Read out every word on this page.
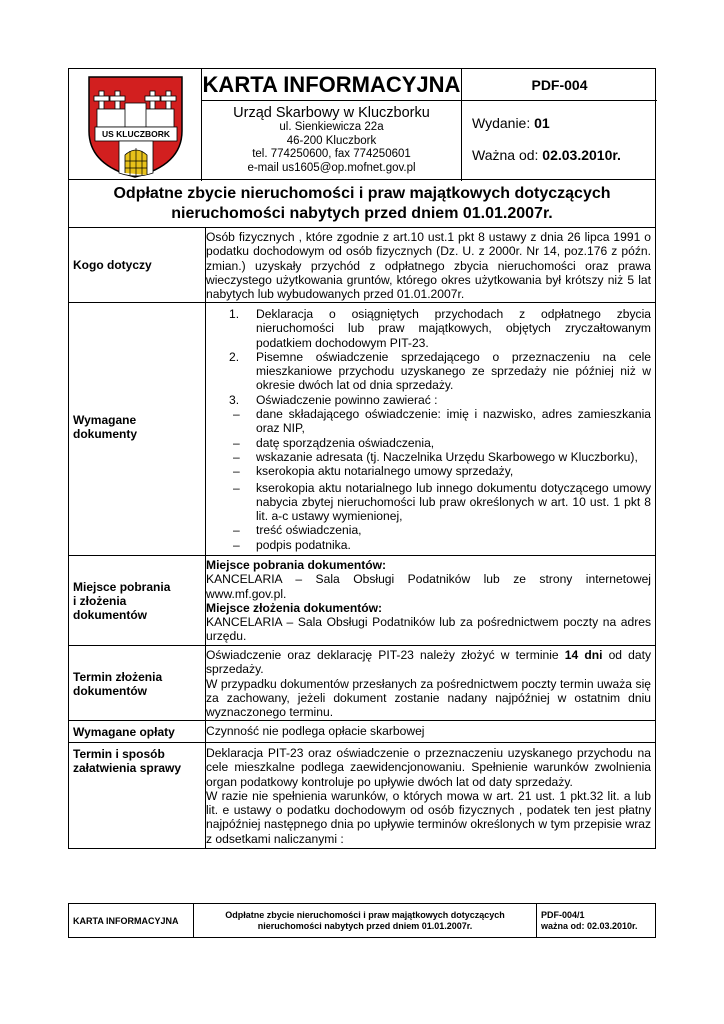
US KLUCZBORK
KARTA INFORMACYJNA	PDF-004
Urząd Skarbowy w Kluczborku
ul. Sienkiewicza 22a
46-200 Kluczbork
tel. 774250600, fax 774250601
e-mail us1605@op.mofnet.gov.pl
Wydanie: 01
Ważna od: 02.03.2010r.
Odpłatne zbycie nieruchomości i praw majątkowych dotyczących
nieruchomości nabytych przed dniem 01.01.2007r.
Kogo dotyczy

Osób fizycznych , które zgodnie z art.10 ust.1 pkt 8 ustawy z dnia 26 lipca 1991 o podatku dochodowym od osób fizycznych (Dz. U. z 2000r. Nr 14, poz.176 z późn. zmian.) uzyskały przychód z odpłatnego zbycia nieruchomości oraz prawa wieczystego użytkowania gruntów, którego okres użytkowania był krótszy niż 5 lat nabytych lub wybudowanych przed 01.01.2007r.

Wymagane
dokumenty
1. Deklaracja o osiągniętych przychodach z odpłatnego zbycia nieruchomości lub praw majątkowych, objętych zryczałtowanym podatkiem dochodowym PIT-23.
2. Pisemne oświadczenie sprzedającego o przeznaczeniu na cele mieszkaniowe przychodu uzyskanego ze sprzedaży nie później niż w okresie dwóch lat od dnia sprzedaży.
3. Oświadczenie powinno zawierać :
– dane składającego oświadczenie: imię i nazwisko, adres zamieszkania oraz NIP,
– datę sporządzenia oświadczenia,
– wskazanie adresata (tj. Naczelnika Urzędu Skarbowego w Kluczborku),
– kserokopia aktu notarialnego umowy sprzedaży,
– kserokopia aktu notarialnego lub innego dokumentu dotyczącego umowy nabycia zbytej nieruchomości lub praw określonych w art. 10 ust. 1 pkt 8 lit. a-c ustawy wymienionej,
– treść oświadczenia,
– podpis podatnika.
Miejsce pobrania
i złożenia
dokumentów

Miejsce pobrania dokumentów:

KANCELARIA – Sala Obsługi Podatników lub ze strony internetowej www.mf.gov.pl.

Miejsce złożenia dokumentów:

KANCELARIA – Sala Obsługi Podatników lub za pośrednictwem poczty na adres urzędu.

Termin złożenia
dokumentów

Oświadczenie oraz deklarację PIT-23 należy złożyć w terminie 14 dni od daty sprzedaży.

W przypadku dokumentów przesłanych za pośrednictwem poczty termin uważa się za zachowany, jeżeli dokument zostanie nadany najpóźniej w ostatnim dniu wyznaczonego terminu.

Wymagane opłaty	Czynność nie podlega opłacie skarbowej

Termin i sposób
załatwienia sprawy

Deklaracja PIT-23 oraz oświadczenie o przeznaczeniu uzyskanego przychodu na cele mieszkalne podlega zaewidencjonowaniu. Spełnienie warunków zwolnienia organ podatkowy kontroluje po upływie dwóch lat od daty sprzedaży.

W razie nie spełnienia warunków, o których mowa w art. 21 ust. 1 pkt.32 lit. a lub lit. e ustawy o podatku dochodowym od osób fizycznych , podatek ten jest płatny najpóźniej następnego dnia po upływie terminów określonych w tym przepisie wraz z odsetkami naliczanymi :

KARTA INFORMACYJNA
Odpłatne zbycie nieruchomości i praw majątkowych dotyczących
nieruchomości nabytych przed dniem 01.01.2007r.
PDF-004/1
ważna od: 02.03.2010r.
